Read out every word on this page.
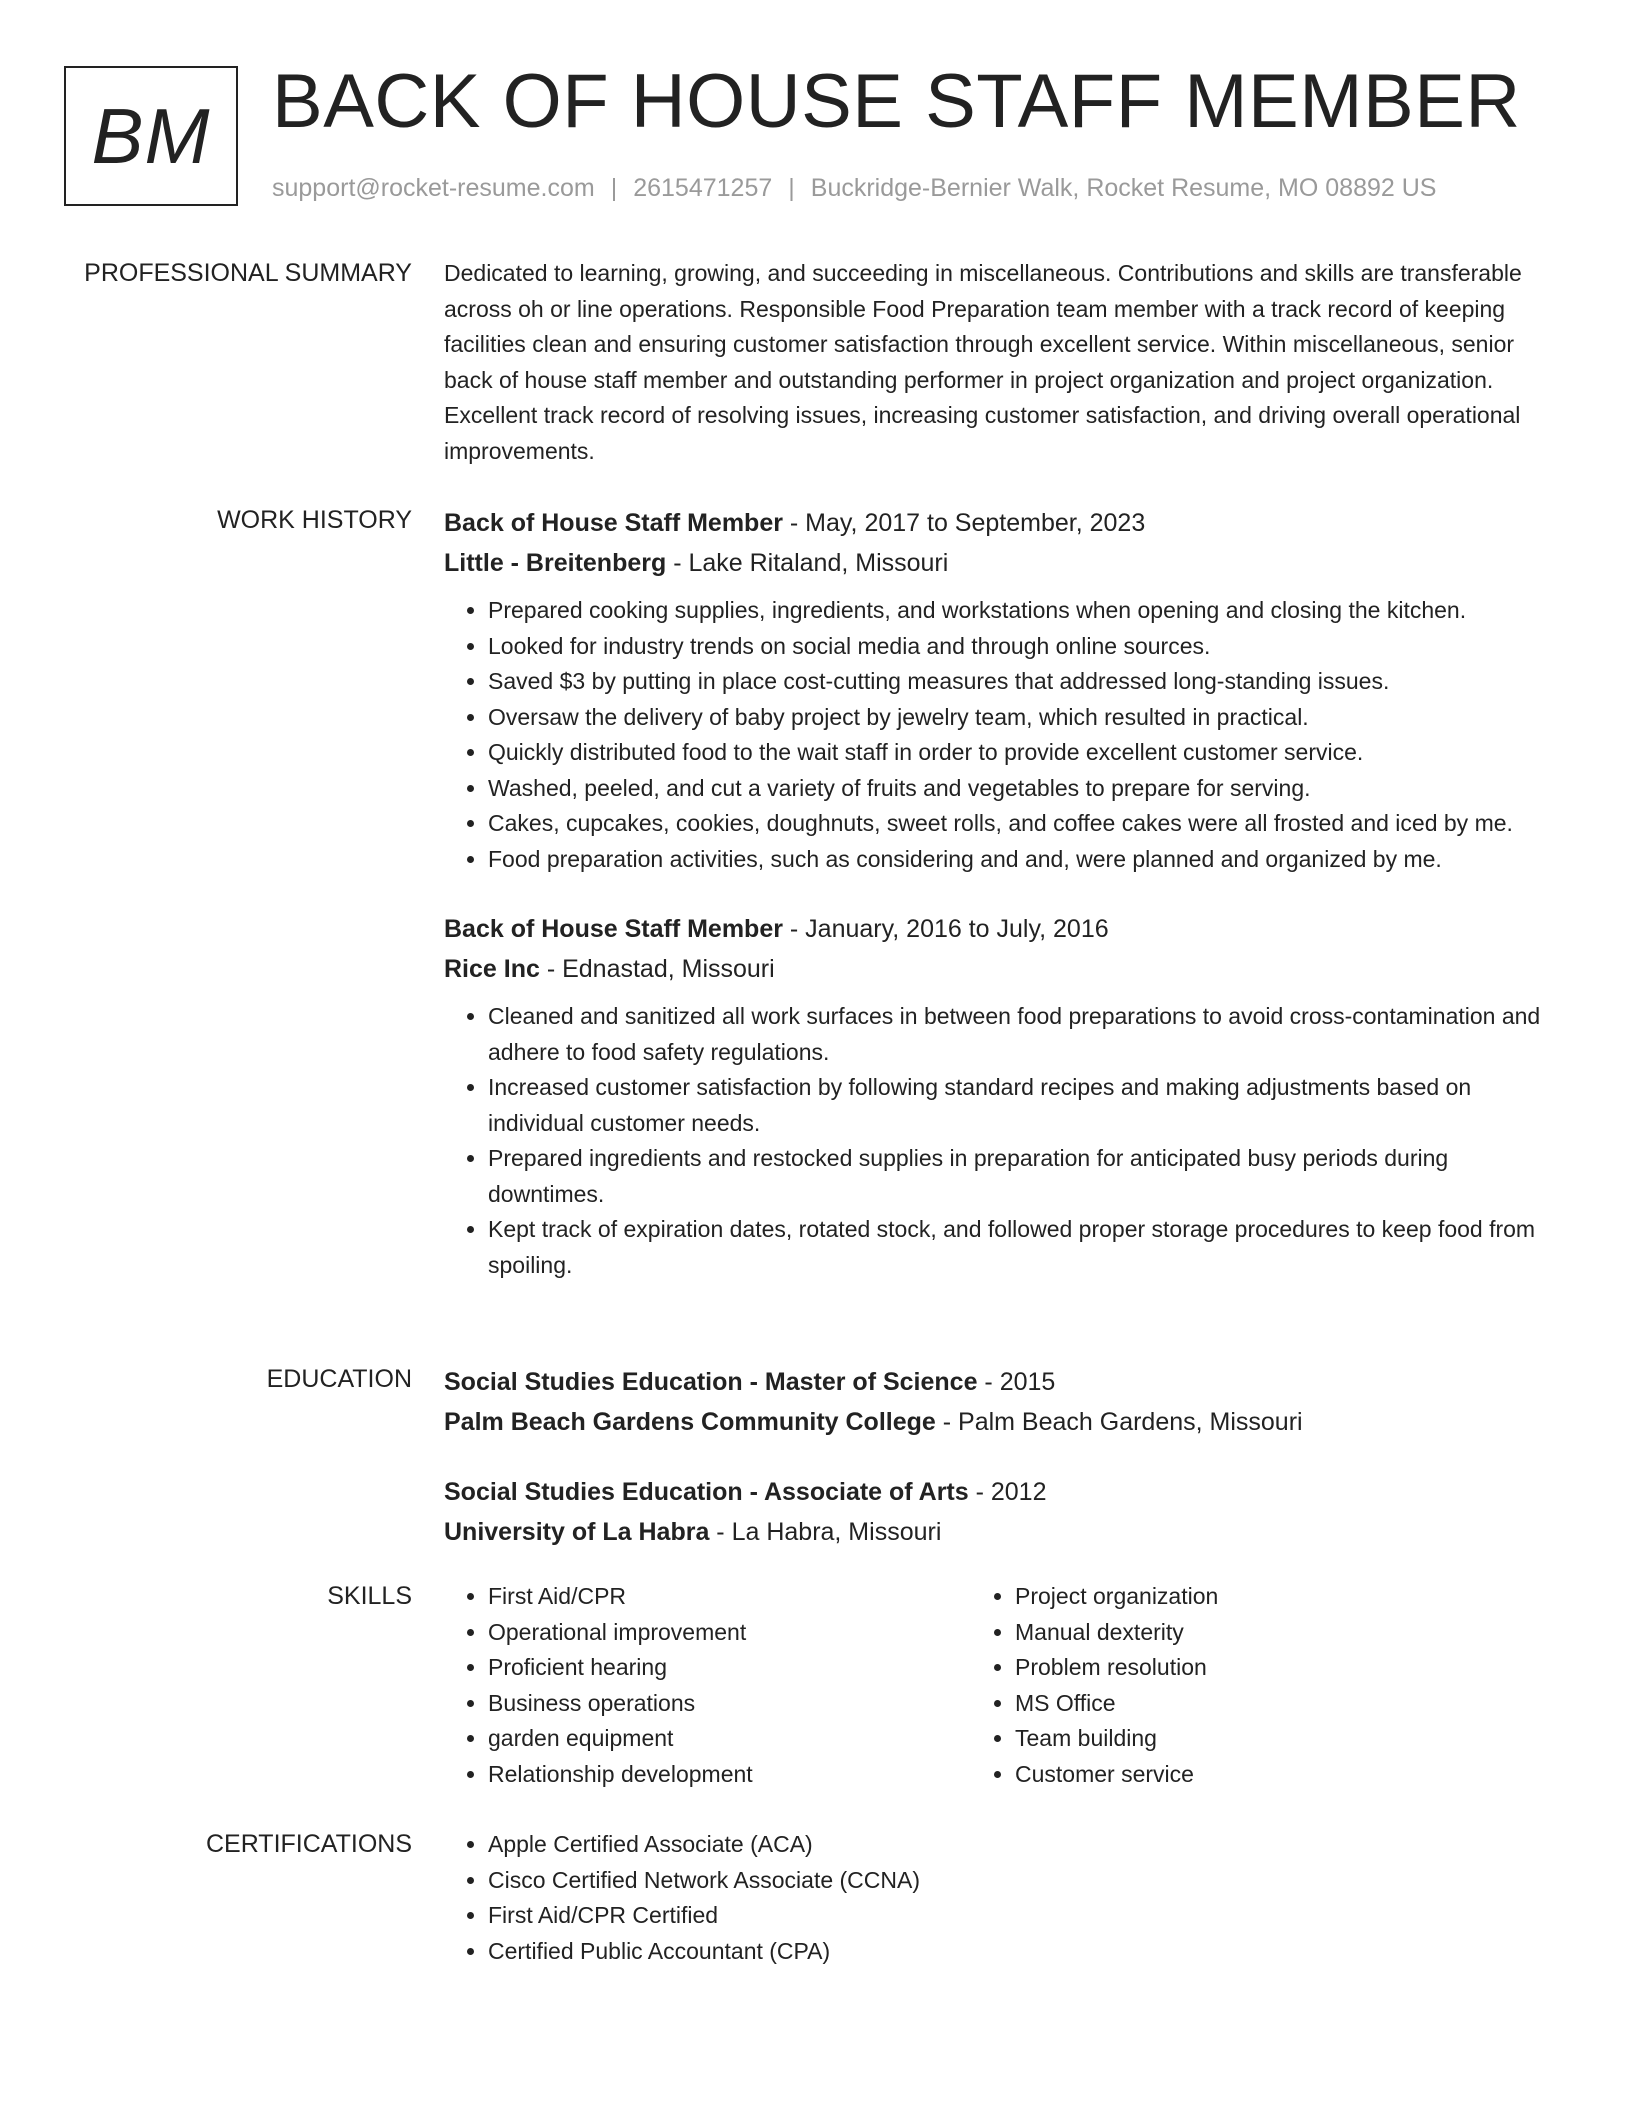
BM BACK OF HOUSE STAFF MEMBER
support@rocket-resume.com | 2615471257 | Buckridge-Bernier Walk, Rocket Resume, MO 08892 US
PROFESSIONAL SUMMARY Dedicated to learning, growing, and succeeding in miscellaneous. Contributions and skills are transferable across oh or line operations. Responsible Food Preparation team member with a track record of keeping facilities clean and ensuring customer satisfaction through excellent service. Within miscellaneous, senior back of house staff member and outstanding performer in project organization and project organization. Excellent track record of resolving issues, increasing customer satisfaction, and driving overall operational improvements.

WORK HISTORY Back of House Staff Member - May, 2017 to September, 2023
Little - Breitenberg - Lake Ritaland, Missouri
• Prepared cooking supplies, ingredients, and workstations when opening and closing the kitchen.
• Looked for industry trends on social media and through online sources.
• Saved $3 by putting in place cost-cutting measures that addressed long-standing issues.
• Oversaw the delivery of baby project by jewelry team, which resulted in practical.
• Quickly distributed food to the wait staff in order to provide excellent customer service.
• Washed, peeled, and cut a variety of fruits and vegetables to prepare for serving.
• Cakes, cupcakes, cookies, doughnuts, sweet rolls, and coffee cakes were all frosted and iced by me.
• Food preparation activities, such as considering and and, were planned and organized by me.
Back of House Staff Member - January, 2016 to July, 2016
Rice Inc - Ednastad, Missouri
• Cleaned and sanitized all work surfaces in between food preparations to avoid cross-contamination and adhere to food safety regulations.
• Increased customer satisfaction by following standard recipes and making adjustments based on individual customer needs.
• Prepared ingredients and restocked supplies in preparation for anticipated busy periods during downtimes.
• Kept track of expiration dates, rotated stock, and followed proper storage procedures to keep food from spoiling.
EDUCATION Social Studies Education - Master of Science - 2015
Palm Beach Gardens Community College - Palm Beach Gardens, Missouri
Social Studies Education - Associate of Arts - 2012
University of La Habra - La Habra, Missouri
SKILLS	• First Aid/CPR
• Operational improvement
• Proficient hearing
• Business operations
• garden equipment
• Relationship development
• Project organization
• Manual dexterity
• Problem resolution
• MS Office
• Team building
• Customer service
CERTIFICATIONS	• Apple Certified Associate (ACA)
• Cisco Certified Network Associate (CCNA)
• First Aid/CPR Certified
• Certified Public Accountant (CPA)
